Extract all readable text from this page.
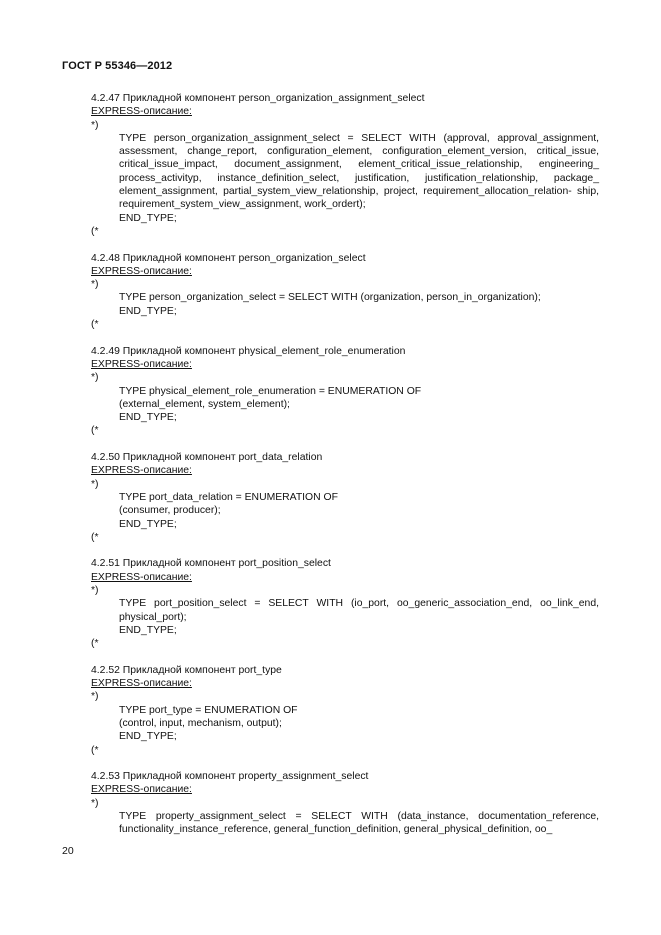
ГОСТ Р 55346—2012
4.2.47 Прикладной компонент person_organization_assignment_select
EXPRESS-описание:
*)
TYPE person_organization_assignment_select = SELECT WITH (approval, approval_assignment, assessment, change_report, configuration_element, configuration_element_version, critical_issue, critical_issue_impact, document_assignment, element_critical_issue_relationship, engineering_ process_activityp, instance_definition_select, justification, justification_relationship, package_ element_assignment, partial_system_view_relationship, project, requirement_allocation_relation- ship, requirement_system_view_assignment, work_ordert);
END_TYPE;
(*
4.2.48 Прикладной компонент person_organization_select
EXPRESS-описание:
*)
TYPE person_organization_select = SELECT WITH (organization, person_in_organization);
END_TYPE;
(*
4.2.49 Прикладной компонент physical_element_role_enumeration
EXPRESS-описание:
*)
TYPE physical_element_role_enumeration = ENUMERATION OF
(external_element, system_element);
END_TYPE;
(*
4.2.50 Прикладной компонент port_data_relation
EXPRESS-описание:
*)
TYPE port_data_relation = ENUMERATION OF
(consumer, producer);
END_TYPE;
(*
4.2.51 Прикладной компонент port_position_select
EXPRESS-описание:
*)
TYPE port_position_select = SELECT WITH (io_port, oo_generic_association_end, oo_link_end, physical_port);
END_TYPE;
(*
4.2.52 Прикладной компонент port_type
EXPRESS-описание:
*)
TYPE port_type = ENUMERATION OF
(control, input, mechanism, output);
END_TYPE;
(*
4.2.53 Прикладной компонент property_assignment_select
EXPRESS-описание:
*)
TYPE property_assignment_select = SELECT WITH (data_instance, documentation_reference, functionality_instance_reference, general_function_definition, general_physical_definition, oo_
20
